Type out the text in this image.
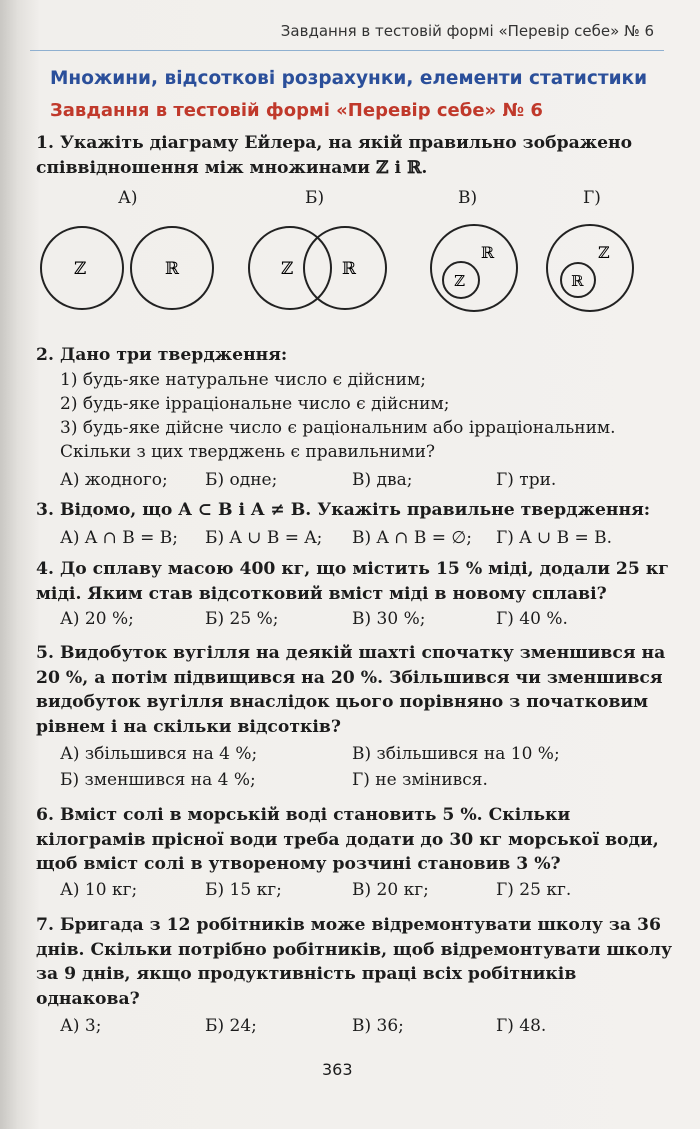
Завдання в тестовій формі «Перевір себе» № 6
Множини, відсоткові розрахунки, елементи статистики
Завдання в тестовій формі «Перевір себе» № 6
1. Укажіть діаграму Ейлера, на якій правильно зображено співвідношення між множинами ℤ і ℝ.
А)	Б)	В)	Г)
ℤ	ℝ	ℤ	ℝ
ℤ
ℝ
ℝ
ℤ
2. Дано три твердження:
1) будь-яке натуральне число є дійсним;
2) будь-яке ірраціональне число є дійсним;
3) будь-яке дійсне число є раціональним або ірраціональним.
Скільки з цих тверджень є правильними?
А) жодного; Б) одне;	В) два;	Г) три.
3. Відомо, що A ⊂ B і A ≠ B. Укажіть правильне твердження:
А) A ∩ B = B; Б) A ∪ B = A; В) A ∩ B = ∅; Г) A ∪ B = B.
4. До сплаву масою 400 кг, що містить 15 % міді, додали 25 кг міді. Яким став відсотковий вміст міді в новому сплаві?
А) 20 %;	Б) 25 %;	В) 30 %;	Г) 40 %.
5. Видобуток вугілля на деякій шахті спочатку зменшився на 20 %, а потім підвищився на 20 %. Збільшився чи зменшився видобуток вугілля внаслідок цього порівняно з початковим рівнем і на скільки відсотків?
А) збільшився на 4 %;	В) збільшився на 10 %;
Б) зменшився на 4 %;	Г) не змінився.
6. Вміст солі в морській воді становить 5 %. Скільки кілограмів прісної води треба додати до 30 кг морської води, щоб вміст солі в утвореному розчині становив 3 %?
А) 10 кг;	Б) 15 кг;	В) 20 кг;	Г) 25 кг.
7. Бригада з 12 робітників може відремонтувати школу за 36 днів. Скільки потрібно робітників, щоб відремонтувати школу за 9 днів, якщо продуктивність праці всіх робітників однакова?
А) 3;	Б) 24;	В) 36;	Г) 48.
363
